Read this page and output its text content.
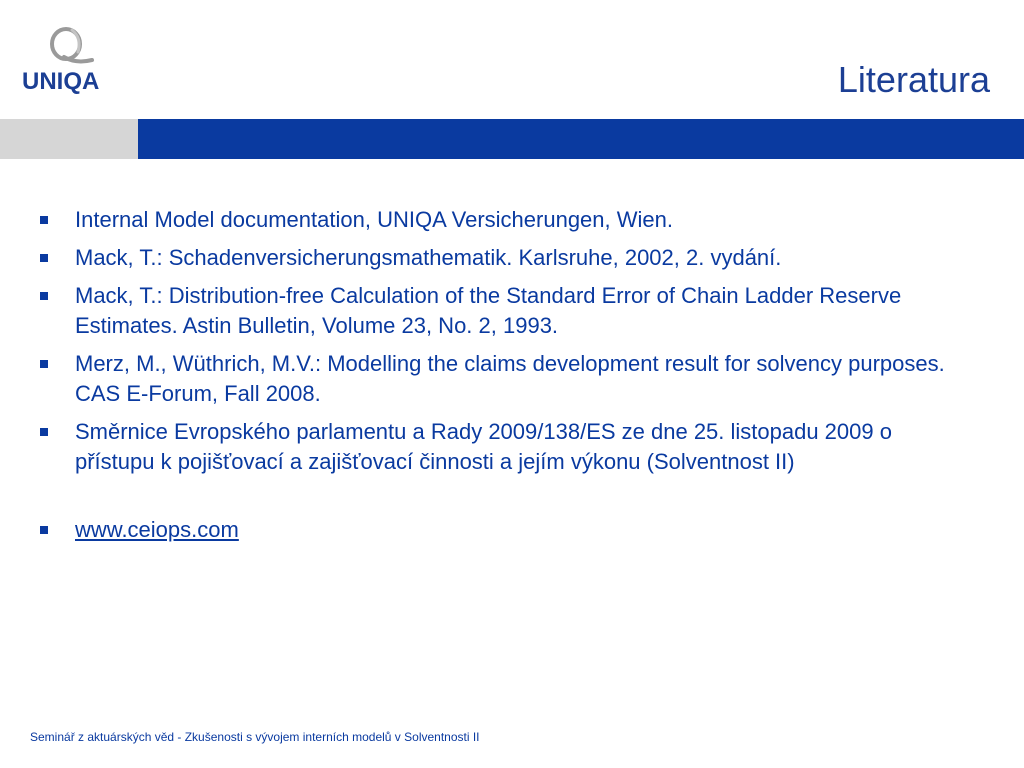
UNIQA	Literatura
Internal Model documentation, UNIQA Versicherungen, Wien.
Mack, T.: Schadenversicherungsmathematik. Karlsruhe, 2002, 2. vydání.
Mack, T.: Distribution-free Calculation of the Standard Error of Chain Ladder Reserve Estimates. Astin Bulletin, Volume 23, No. 2, 1993.
Merz, M., Wüthrich, M.V.: Modelling the claims development result for solvency purposes. CAS E-Forum, Fall 2008.
Směrnice Evropského parlamentu a Rady 2009/138/ES ze dne 25. listopadu 2009 o přístupu k pojišťovací a zajišťovací činnosti a jejím výkonu (Solventnost II)
www.ceiops.com
Seminář z aktuárských věd - Zkušenosti s vývojem interních modelů v Solventnosti II
